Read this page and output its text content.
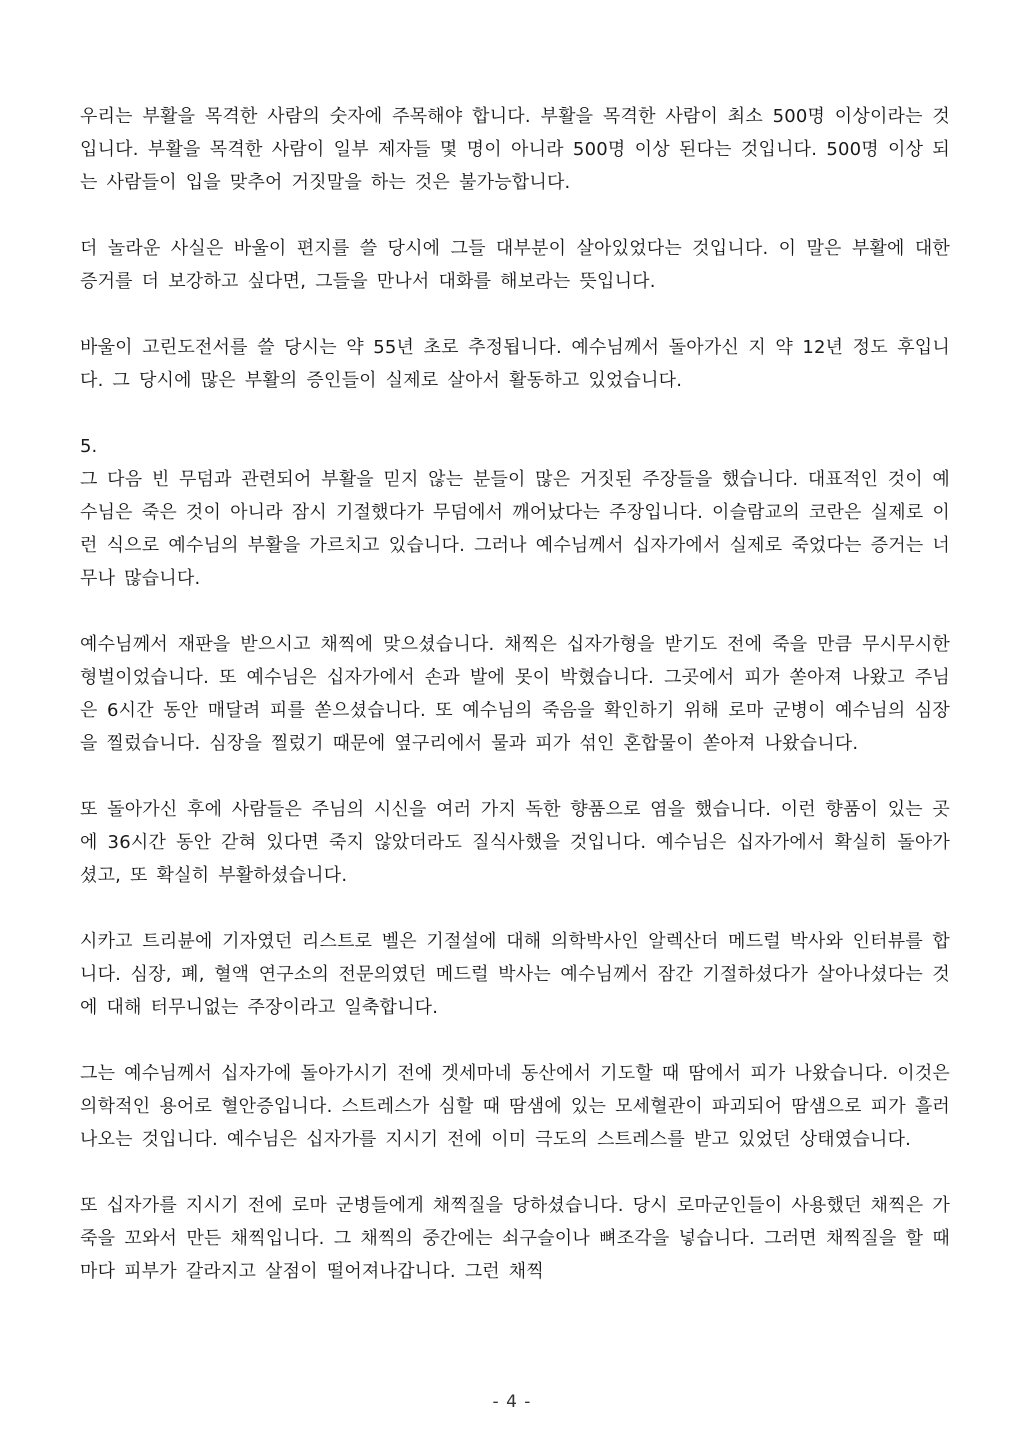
우리는 부활을 목격한 사람의 숫자에 주목해야 합니다. 부활을 목격한 사람이 최소 500명 이상이라는 것입니다. 부활을 목격한 사람이 일부 제자들 몇 명이 아니라 500명 이상 된다는 것입니다. 500명 이상 되는 사람들이 입을 맞추어 거짓말을 하는 것은 불가능합니다.

더 놀라운 사실은 바울이 편지를 쓸 당시에 그들 대부분이 살아있었다는 것입니다. 이 말은 부활에 대한 증거를 더 보강하고 싶다면, 그들을 만나서 대화를 해보라는 뜻입니다.

바울이 고린도전서를 쓸 당시는 약 55년 초로 추정됩니다. 예수님께서 돌아가신 지 약 12년 정도 후입니다. 그 당시에 많은 부활의 증인들이 실제로 살아서 활동하고 있었습니다.

5.

그 다음 빈 무덤과 관련되어 부활을 믿지 않는 분들이 많은 거짓된 주장들을 했습니다. 대표적인 것이 예수님은 죽은 것이 아니라 잠시 기절했다가 무덤에서 깨어났다는 주장입니다. 이슬람교의 코란은 실제로 이런 식으로 예수님의 부활을 가르치고 있습니다. 그러나 예수님께서 십자가에서 실제로 죽었다는 증거는 너무나 많습니다.

예수님께서 재판을 받으시고 채찍에 맞으셨습니다. 채찍은 십자가형을 받기도 전에 죽을 만큼 무시무시한 형벌이었습니다. 또 예수님은 십자가에서 손과 발에 못이 박혔습니다. 그곳에서 피가 쏟아져 나왔고 주님은 6시간 동안 매달려 피를 쏟으셨습니다. 또 예수님의 죽음을 확인하기 위해 로마 군병이 예수님의 심장을 찔렀습니다. 심장을 찔렀기 때문에 옆구리에서 물과 피가 섞인 혼합물이 쏟아져 나왔습니다.

또 돌아가신 후에 사람들은 주님의 시신을 여러 가지 독한 향품으로 염을 했습니다. 이런 향품이 있는 곳에 36시간 동안 갇혀 있다면 죽지 않았더라도 질식사했을 것입니다. 예수님은 십자가에서 확실히 돌아가셨고, 또 확실히 부활하셨습니다.

시카고 트리뷴에 기자였던 리스트로 벨은 기절설에 대해 의학박사인 알렉산더 메드럴 박사와 인터뷰를 합니다. 심장, 폐, 혈액 연구소의 전문의였던 메드럴 박사는 예수님께서 잠간 기절하셨다가 살아나셨다는 것에 대해 터무니없는 주장이라고 일축합니다.

그는 예수님께서 십자가에 돌아가시기 전에 겟세마네 동산에서 기도할 때 땀에서 피가 나왔습니다. 이것은 의학적인 용어로 혈안증입니다. 스트레스가 심할 때 땀샘에 있는 모세혈관이 파괴되어 땀샘으로 피가 흘러나오는 것입니다. 예수님은 십자가를 지시기 전에 이미 극도의 스트레스를 받고 있었던 상태였습니다.

또 십자가를 지시기 전에 로마 군병들에게 채찍질을 당하셨습니다. 당시 로마군인들이 사용했던 채찍은 가죽을 꼬와서 만든 채찍입니다. 그 채찍의 중간에는 쇠구슬이나 뼈조각을 넣습니다. 그러면 채찍질을 할 때마다 피부가 갈라지고 살점이 떨어져나갑니다. 그런 채찍

- 4 -
